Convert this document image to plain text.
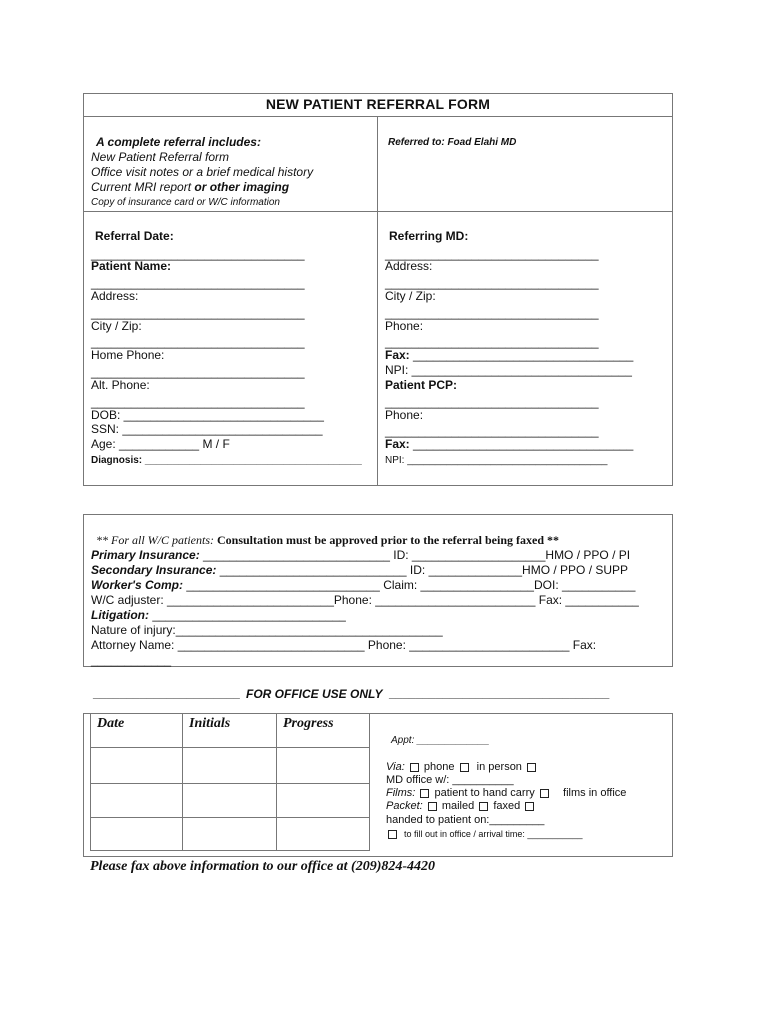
NEW PATIENT REFERRAL FORM
A complete referral includes:
New Patient Referral form
Office visit notes or a brief medical history
Current MRI report or other imaging
Copy of insurance card or W/C information
Referred to: Foad Elahi MD
Referral Date:
________________________________
Patient Name:
________________________________
Address:
________________________________
City / Zip:
________________________________
Home Phone:
________________________________
Alt. Phone:
________________________________
DOB: ______________________________
SSN: ______________________________
Age: ____________ M / F
Diagnosis: _______________________________________
Referring MD:
________________________________
Address:
________________________________
City / Zip:
________________________________
Phone:
________________________________
Fax: _________________________________
NPI: _________________________________
Patient PCP:
________________________________
Phone:
________________________________
Fax: _________________________________
NPI: ____________________________________
** For all W/C patients: Consultation must be approved prior to the referral being faxed **
Primary Insurance: ____________________________ ID: ____________________HMO / PPO / PI
Secondary Insurance: ____________________________ ID: ______________HMO / PPO / SUPP
Worker's Comp: _____________________________ Claim: _________________DOI: ___________
W/C adjuster: _________________________Phone: ________________________ Fax: ___________
Litigation: _____________________________
Nature of injury:________________________________________
Attorney Name: ____________________________ Phone: ________________________ Fax:
____________
______________________ FOR OFFICE USE ONLY _________________________________
Date	Initials	Progress
Appt: _____________
Via: phone in person
MD office w/: __________
Films: patient to hand carry	films in office
Packet: mailed faxed
handed to patient on:_________
to fill out in office / arrival time: ___________
Please fax above information to our office at (209)824-4420
